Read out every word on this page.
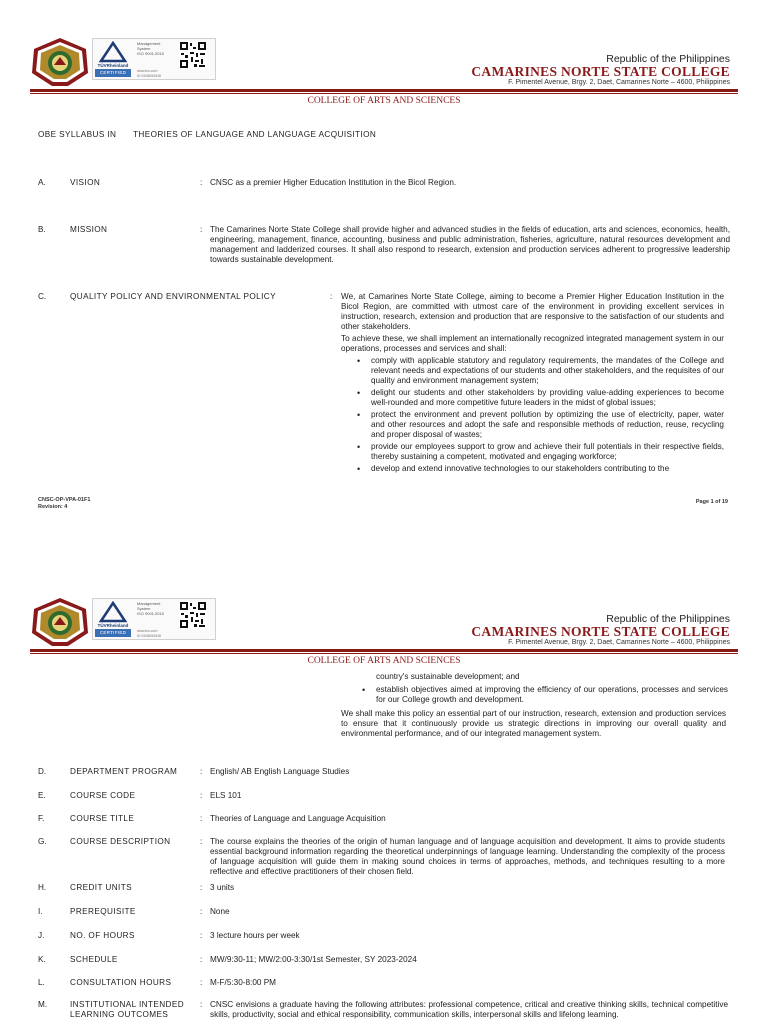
TÜVRheinland
CERTIFIED
Management
System
ISO 9001:2015
www.tuv.com
ID 9108653948
Republic of the Philippines
CAMARINES NORTE STATE COLLEGE
F. Pimentel Avenue, Brgy. 2, Daet, Camarines Norte – 4600, Philippines
COLLEGE OF ARTS AND SCIENCES
OBE SYLLABUS IN THEORIES OF LANGUAGE AND LANGUAGE ACQUISITION
A.	VISION	: CNSC as a premier Higher Education Institution in the Bicol Region.
B.	MISSION	: The Camarines Norte State College shall provide higher and advanced studies in the fields of education, arts and sciences, economics, health, engineering, management, finance, accounting, business and public administration, fisheries, agriculture, natural resources development and management and ladderized courses. It shall also respond to research, extension and production services adherent to progressive leadership towards sustainable development.
C.	QUALITY POLICY AND ENVIRONMENTAL POLICY	: We, at Camarines Norte State College, aiming to become a Premier Higher Education Institution in the Bicol Region, are committed with utmost care of the environment in providing excellent services in instruction, research, extension and production that are responsive to the satisfaction of our students and other stakeholders.

To achieve these, we shall implement an internationally recognized integrated management system in our operations, processes and services and shall:

• comply with applicable statutory and regulatory requirements, the mandates of the College and relevant needs and expectations of our students and other stakeholders, and the requisites of our quality and environment management system;
• delight our students and other stakeholders by providing value-adding experiences to become well-rounded and more competitive future leaders in the midst of global issues;
• protect the environment and prevent pollution by optimizing the use of electricity, paper, water and other resources and adopt the safe and responsible methods of reduction, reuse, recycling and proper disposal of wastes;
• provide our employees support to grow and achieve their full potentials in their respective fields, thereby sustaining a competent, motivated and engaging workforce;
• develop and extend innovative technologies to our stakeholders contributing to the
CNSC-OP-VPA-01F1
Revision: 4
Page 1 of 19
TÜVRheinland
CERTIFIED
Management
System
ISO 9001:2015
www.tuv.com
ID 9108653948
Republic of the Philippines
CAMARINES NORTE STATE COLLEGE
F. Pimentel Avenue, Brgy. 2, Daet, Camarines Norte – 4600, Philippines
COLLEGE OF ARTS AND SCIENCES
country's sustainable development; and
• establish objectives aimed at improving the efficiency of our operations, processes and services for our College growth and development.
We shall make this policy an essential part of our instruction, research, extension and production services to ensure that it continuously provide us strategic directions in improving our overall quality and environmental performance, and of our integrated management system.
D.	DEPARTMENT PROGRAM	: English/ AB English Language Studies
E.	COURSE CODE	: ELS 101
F.	COURSE TITLE	: Theories of Language and Language Acquisition
G.	COURSE DESCRIPTION	: The course explains the theories of the origin of human language and of language acquisition and development. It aims to provide students essential background information regarding the theoretical underpinnings of language learning. Understanding the complexity of the process of language acquisition will guide them in making sound choices in terms of approaches, methods, and techniques resulting to a more reflective and effective practitioners of their chosen field.
H.	CREDIT UNITS	: 3 units
I.	PREREQUISITE	: None
J.	NO. OF HOURS	: 3 lecture hours per week
K.	SCHEDULE	: MW/9:30-11; MW/2:00-3:30/1st Semester, SY 2023-2024
L.	CONSULTATION HOURS	: M-F/5:30-8:00 PM
M.	INSTITUTIONAL INTENDED LEARNING OUTCOMES
: CNSC envisions a graduate having the following attributes: professional competence, critical and creative thinking skills, technical competitive skills, productivity, social and ethical responsibility, communication skills, interpersonal skills and lifelong learning.
